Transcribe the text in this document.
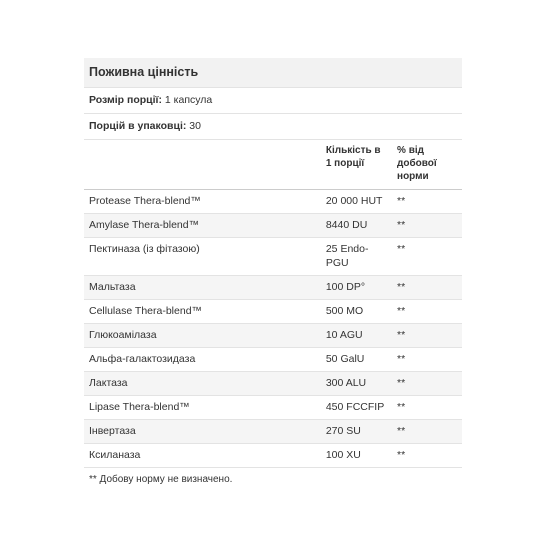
Поживна цінність		
Розмір порції: 1 капсула		
Порцій в упаковці: 30		
	Кількість в 1 порції	% від добової норми
Protease Thera-blend™	20 000 HUT	**
Amylase Thera-blend™	8440 DU	**
Пектиназа (із фітазою)	25 Endo-PGU	**
Мальтаза	100 DP°	**
Cellulase Thera-blend™	500 MO	**
Глюкоамілаза	10 AGU	**
Альфа-галактозидаза	50 GalU	**
Лактаза	300 ALU	**
Lipase Thera-blend™	450 FCCFIP	**
Інвертаза	270 SU	**
Ксиланаза	100 XU	**
** Добову норму не визначено.		
